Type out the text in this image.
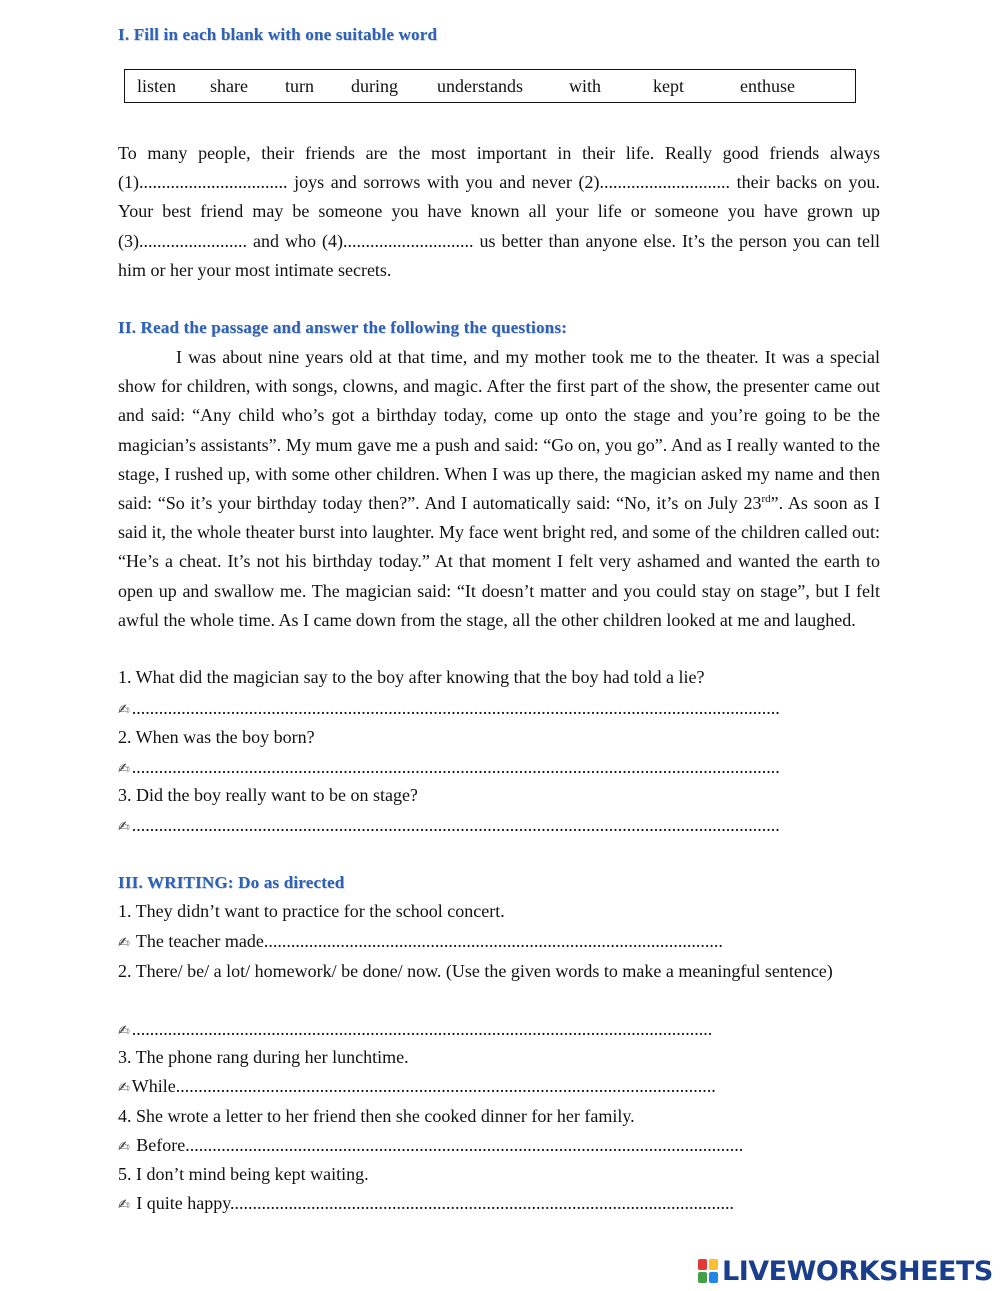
I. Fill in each blank with one suitable word
listen share turn during understands	with	kept	enthuse

To many people, their friends are the most important in their life. Really good friends always (1)................................. joys and sorrows with you and never (2)............................. their backs on you. Your best friend may be someone you have known all your life or someone you have grown up (3)........................ and who (4)............................. us better than anyone else. It’s the person you can tell him or her your most intimate secrets.

II. Read the passage and answer the following the questions:

I was about nine years old at that time, and my mother took me to the theater. It was a special show for children, with songs, clowns, and magic. After the first part of the show, the presenter came out and said: “Any child who’s got a birthday today, come up onto the stage and you’re going to be the magician’s assistants”. My mum gave me a push and said: “Go on, you go”. And as I really wanted to the stage, I rushed up, with some other children. When I was up there, the magician asked my name and then said: “So it’s your birthday today then?”. And I automatically said: “No, it’s on July 23rd”. As soon as I said it, the whole theater burst into laughter. My face went bright red, and some of the children called out: “He’s a cheat. It’s not his birthday today.” At that moment I felt very ashamed and wanted the earth to open up and swallow me. The magician said: “It doesn’t matter and you could stay on stage”, but I felt awful the whole time. As I came down from the stage, all the other children looked at me and laughed.

1. What did the magician say to the boy after knowing that the boy had told a lie?

✍ ................................................................................................................................................

2. When was the boy born?

✍ ................................................................................................................................................

3. Did the boy really want to be on stage?

✍ ................................................................................................................................................

III. WRITING: Do as directed

1. They didn’t want to practice for the school concert.

✍ The teacher made......................................................................................................

2. There/ be/ a lot/ homework/ be done/ now. (Use the given words to make a meaningful sentence)

✍ .................................................................................................................................

3. The phone rang during her lunchtime.

✍ While........................................................................................................................

4. She wrote a letter to her friend then she cooked dinner for her family.

✍ Before............................................................................................................................

5. I don’t mind being kept waiting.

✍ I quite happy................................................................................................................

LIVEWORKSHEETS
